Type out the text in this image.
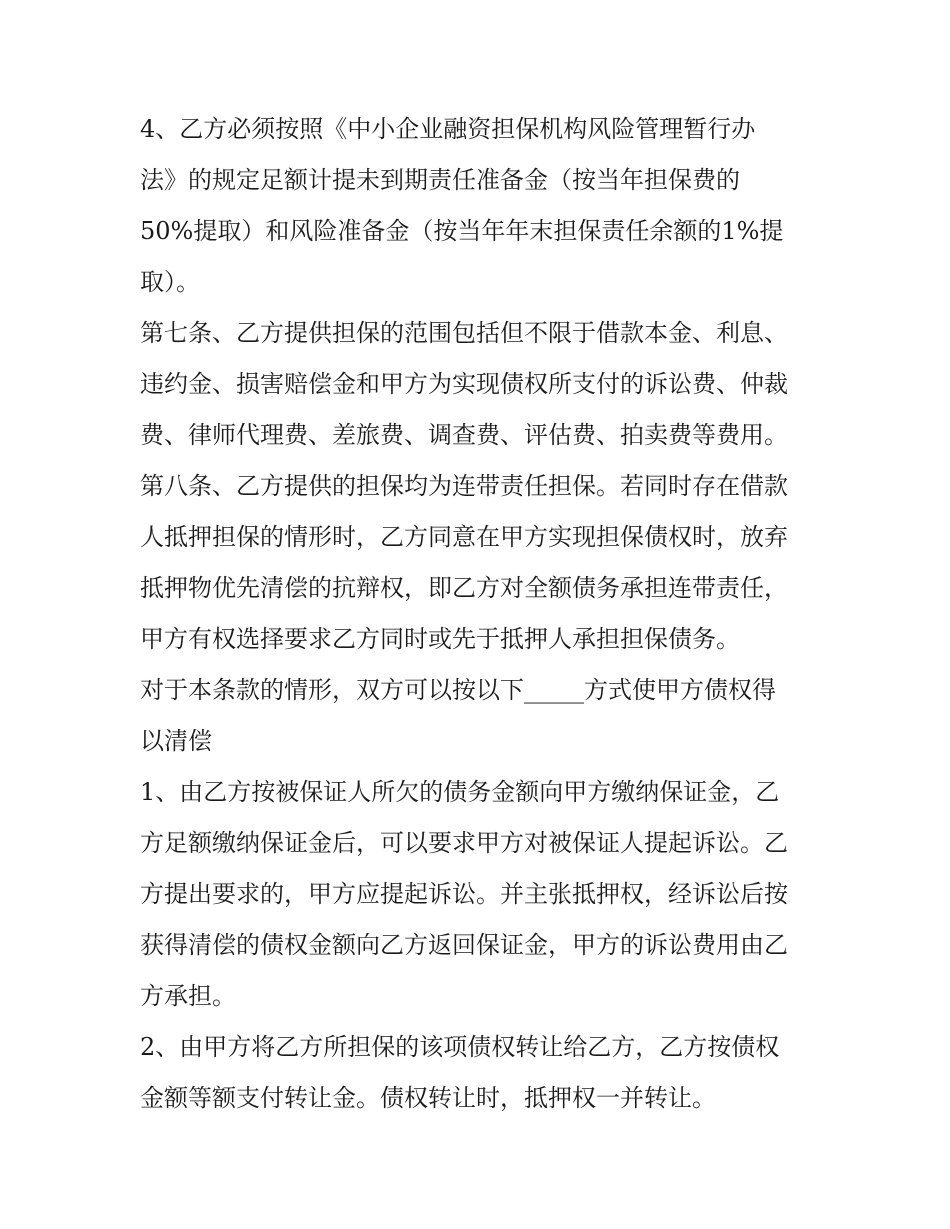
4、乙方必须按照《中小企业融资担保机构风险管理暂行办
法》的规定足额计提未到期责任准备金（按当年担保费的
50%提取）和风险准备金（按当年年末担保责任余额的1%提
取）。
第七条、乙方提供担保的范围包括但不限于借款本金、利息、
违约金、损害赔偿金和甲方为实现债权所支付的诉讼费、仲裁
费、律师代理费、差旅费、调查费、评估费、拍卖费等费用。
第八条、乙方提供的担保均为连带责任担保。若同时存在借款
人抵押担保的情形时，乙方同意在甲方实现担保债权时，放弃
抵押物优先清偿的抗辩权，即乙方对全额债务承担连带责任，
甲方有权选择要求乙方同时或先于抵押人承担担保债务。
对于本条款的情形，双方可以按以下_____方式使甲方债权得
以清偿
1、由乙方按被保证人所欠的债务金额向甲方缴纳保证金，乙
方足额缴纳保证金后，可以要求甲方对被保证人提起诉讼。乙
方提出要求的，甲方应提起诉讼。并主张抵押权，经诉讼后按
获得清偿的债权金额向乙方返回保证金，甲方的诉讼费用由乙
方承担。
2、由甲方将乙方所担保的该项债权转让给乙方，乙方按债权
金额等额支付转让金。债权转让时，抵押权一并转让。
